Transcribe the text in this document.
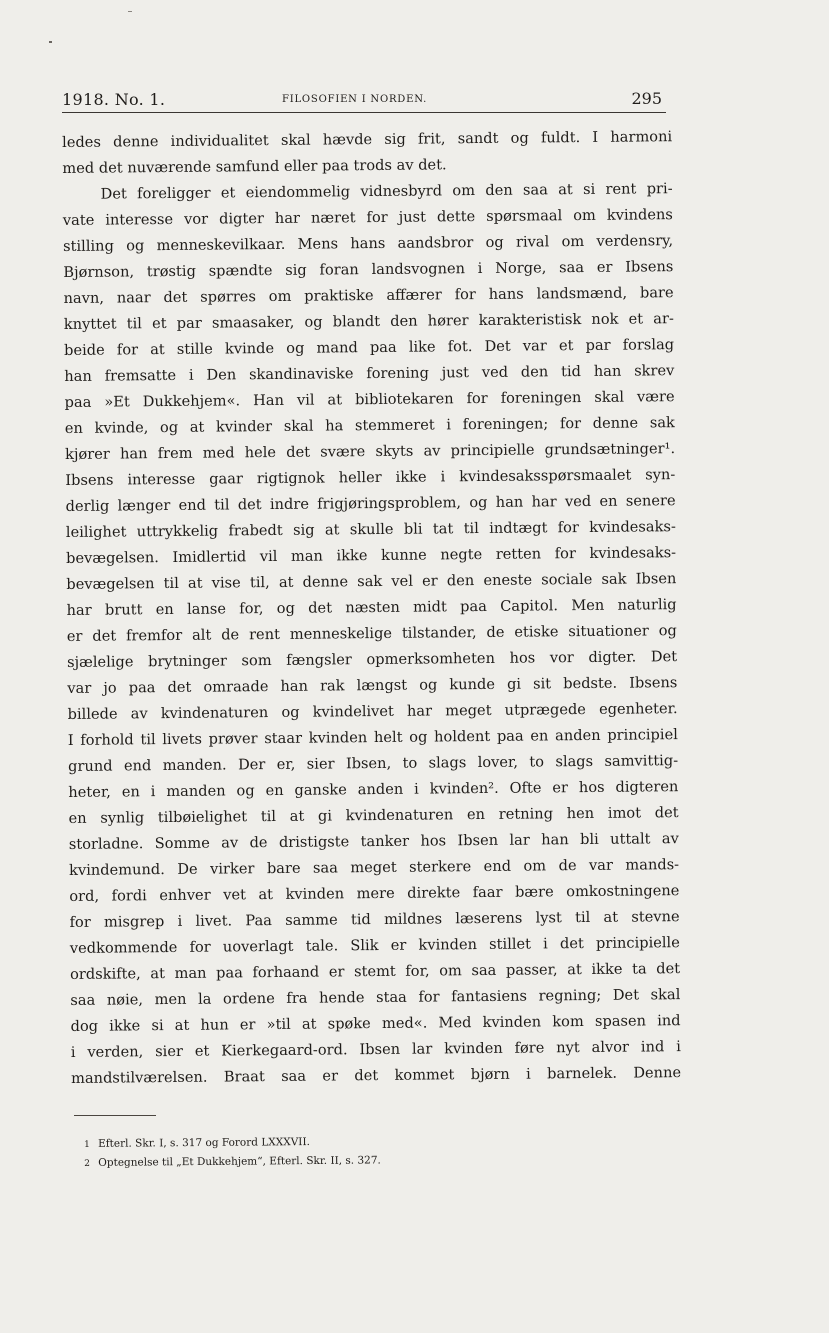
1918. No. 1.	FILOSOFIEN I NORDEN.	295
ledes denne individualitet skal hævde sig frit, sandt og fuldt. I harmoni
med det nuværende samfund eller paa trods av det.
Det foreligger et eiendommelig vidnesbyrd om den saa at si rent pri-
vate interesse vor digter har næret for just dette spørsmaal om kvindens
stilling og menneskevilkaar. Mens hans aandsbror og rival om verdensry,
Bjørnson, trøstig spændte sig foran landsvognen i Norge, saa er Ibsens
navn, naar det spørres om praktiske affærer for hans landsmænd, bare
knyttet til et par smaasaker, og blandt den hører karakteristisk nok et ar-
beide for at stille kvinde og mand paa like fot. Det var et par forslag
han fremsatte i Den skandinaviske forening just ved den tid han skrev
paa »Et Dukkehjem«. Han vil at bibliotekaren for foreningen skal være
en kvinde, og at kvinder skal ha stemmeret i foreningen; for denne sak
kjører han frem med hele det svære skyts av principielle grundsætninger¹.
Ibsens interesse gaar rigtignok heller ikke i kvindesaksspørsmaalet syn-
derlig længer end til det indre frigjøringsproblem, og han har ved en senere
leilighet uttrykkelig frabedt sig at skulle bli tat til indtægt for kvindesaks-
bevægelsen. Imidlertid vil man ikke kunne negte retten for kvindesaks-
bevægelsen til at vise til, at denne sak vel er den eneste sociale sak Ibsen
har brutt en lanse for, og det næsten midt paa Capitol. Men naturlig
er det fremfor alt de rent menneskelige tilstander, de etiske situationer og
sjælelige brytninger som fængsler opmerksomheten hos vor digter. Det
var jo paa det omraade han rak længst og kunde gi sit bedste. Ibsens
billede av kvindenaturen og kvindelivet har meget utprægede egenheter.
I forhold til livets prøver staar kvinden helt og holdent paa en anden principiel
grund end manden. Der er, sier Ibsen, to slags lover, to slags samvittig-
heter, en i manden og en ganske anden i kvinden². Ofte er hos digteren
en synlig tilbøielighet til at gi kvindenaturen en retning hen imot det
storladne. Somme av de dristigste tanker hos Ibsen lar han bli uttalt av
kvindemund. De virker bare saa meget sterkere end om de var mands-
ord, fordi enhver vet at kvinden mere direkte faar bære omkostningene
for misgrep i livet. Paa samme tid mildnes læserens lyst til at stevne
vedkommende for uoverlagt tale. Slik er kvinden stillet i det principielle
ordskifte, at man paa forhaand er stemt for, om saa passer, at ikke ta det
saa nøie, men la ordene fra hende staa for fantasiens regning; Det skal
dog ikke si at hun er »til at spøke med«. Med kvinden kom spasen ind
i verden, sier et Kierkegaard-ord. Ibsen lar kvinden føre nyt alvor ind i
mandstilværelsen. Braat saa er det kommet bjørn i barnelek. Denne
1 Efterl. Skr. I, s. 317 og Forord LXXXVII.
2 Optegnelse til „Et Dukkehjem“, Efterl. Skr. II, s. 327.
